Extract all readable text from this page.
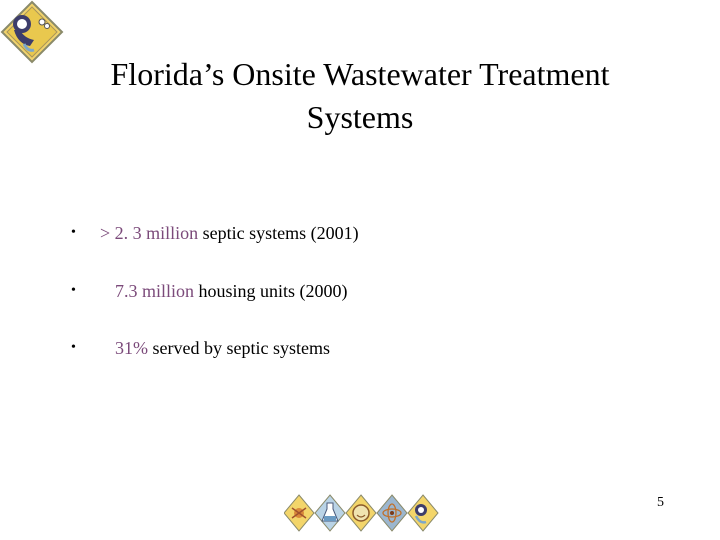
Florida’s Onsite Wastewater Treatment
Systems
• > 2. 3 million septic systems (2001)
• 7.3 million housing units (2000)
• 31% served by septic systems
5
